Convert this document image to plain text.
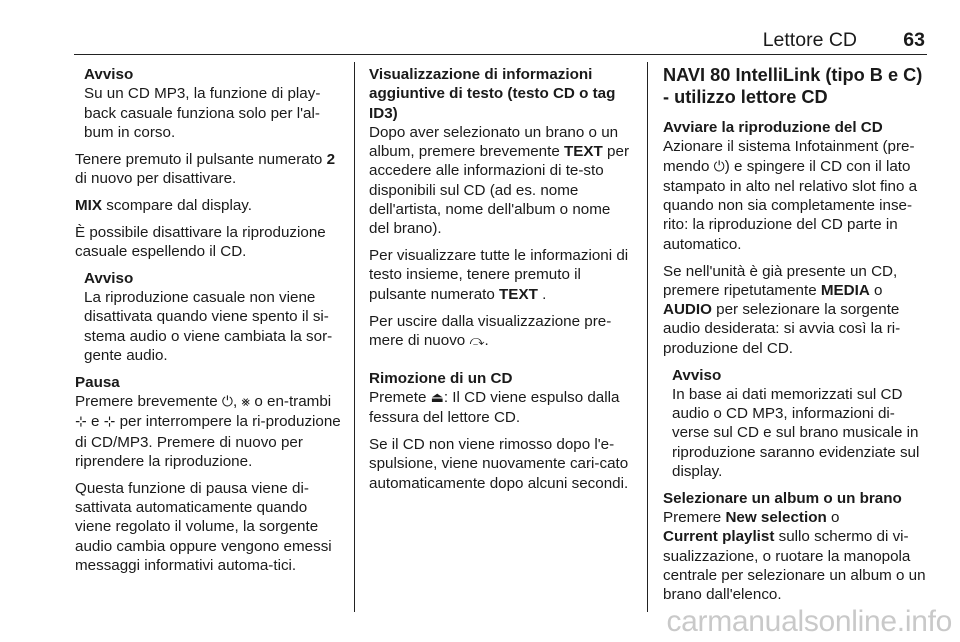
Lettore CD 63
Avviso
Su un CD MP3, la funzione di play-back casuale funziona solo per l'al-bum in corso.

Tenere premuto il pulsante numerato 2 di nuovo per disattivare.

MIX scompare dal display.

È possibile disattivare la riproduzione casuale espellendo il CD.

Avviso
La riproduzione casuale non viene disattivata quando viene spento il si-stema audio o viene cambiata la sor-gente audio.
Pausa

Premere brevemente ⏻, ⨳ o en-trambi ⊹ e ⊹ per interrompere la ri-produzione di CD/MP3. Premere di nuovo per riprendere la riproduzione.

Questa funzione di pausa viene di-sattivata automaticamente quando viene regolato il volume, la sorgente audio cambia oppure vengono emessi messaggi informativi automa-tici.

Visualizzazione di informazioni aggiuntive di testo (testo CD o tag ID3)

Dopo aver selezionato un brano o un album, premere brevemente TEXT per accedere alle informazioni di te-sto disponibili sul CD (ad es. nome dell'artista, nome dell'album o nome del brano).

Per visualizzare tutte le informazioni di testo insieme, tenere premuto il pulsante numerato TEXT .

Per uscire dalla visualizzazione pre-mere di nuovo ⤼.

Rimozione di un CD

Premete ⏏: Il CD viene espulso dalla fessura del lettore CD.

Se il CD non viene rimosso dopo l'e-spulsione, viene nuovamente cari-cato automaticamente dopo alcuni secondi.

NAVI 80 IntelliLink (tipo B e C) - utilizzo lettore CD
Avviare la riproduzione del CD

Azionare il sistema Infotainment (pre-mendo ⏻) e spingere il CD con il lato stampato in alto nel relativo slot fino a quando non sia completamente inse-rito: la riproduzione del CD parte in automatico.

Se nell'unità è già presente un CD, premere ripetutamente MEDIA o AUDIO per selezionare la sorgente audio desiderata: si avvia così la ri-produzione del CD.

Avviso
In base ai dati memorizzati sul CD audio o CD MP3, informazioni di-verse sul CD e sul brano musicale in riproduzione saranno evidenziate sul display.
Selezionare un album o un brano

Premere New selection o
Current playlist sullo schermo di vi-sualizzazione, o ruotare la manopola centrale per selezionare un album o un brano dall'elenco.

carmanualsonline.info
